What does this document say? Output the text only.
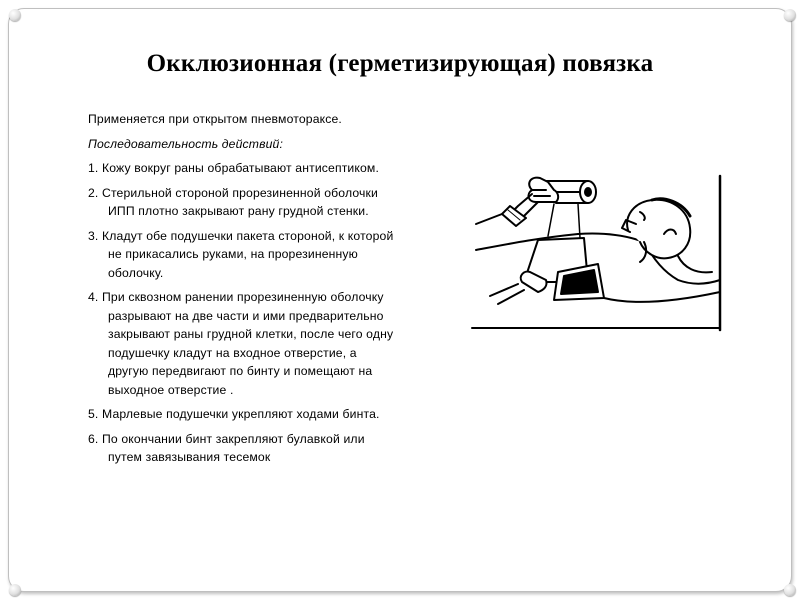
Окклюзионная (герметизирующая) повязка

Применяется при открытом пневмотораксе.

Последовательность действий:

1. Кожу вокруг раны обрабатывают антисептиком.

2. Стерильной стороной прорезиненной оболочки ИПП плотно закрывают рану грудной стенки.

3. Кладут обе подушечки пакета стороной, к которой не прикасались руками, на прорезиненную оболочку.

4. При сквозном ранении прорезиненную оболочку разрывают на две части и ими предварительно закрывают раны грудной клетки, после чего одну подушечку кладут на входное отверстие, а другую передвигают по бинту и помещают на выходное отверстие .

5. Марлевые подушечки укрепляют ходами бинта.

6. По окончании бинт закрепляют булавкой или путем завязывания тесемок
